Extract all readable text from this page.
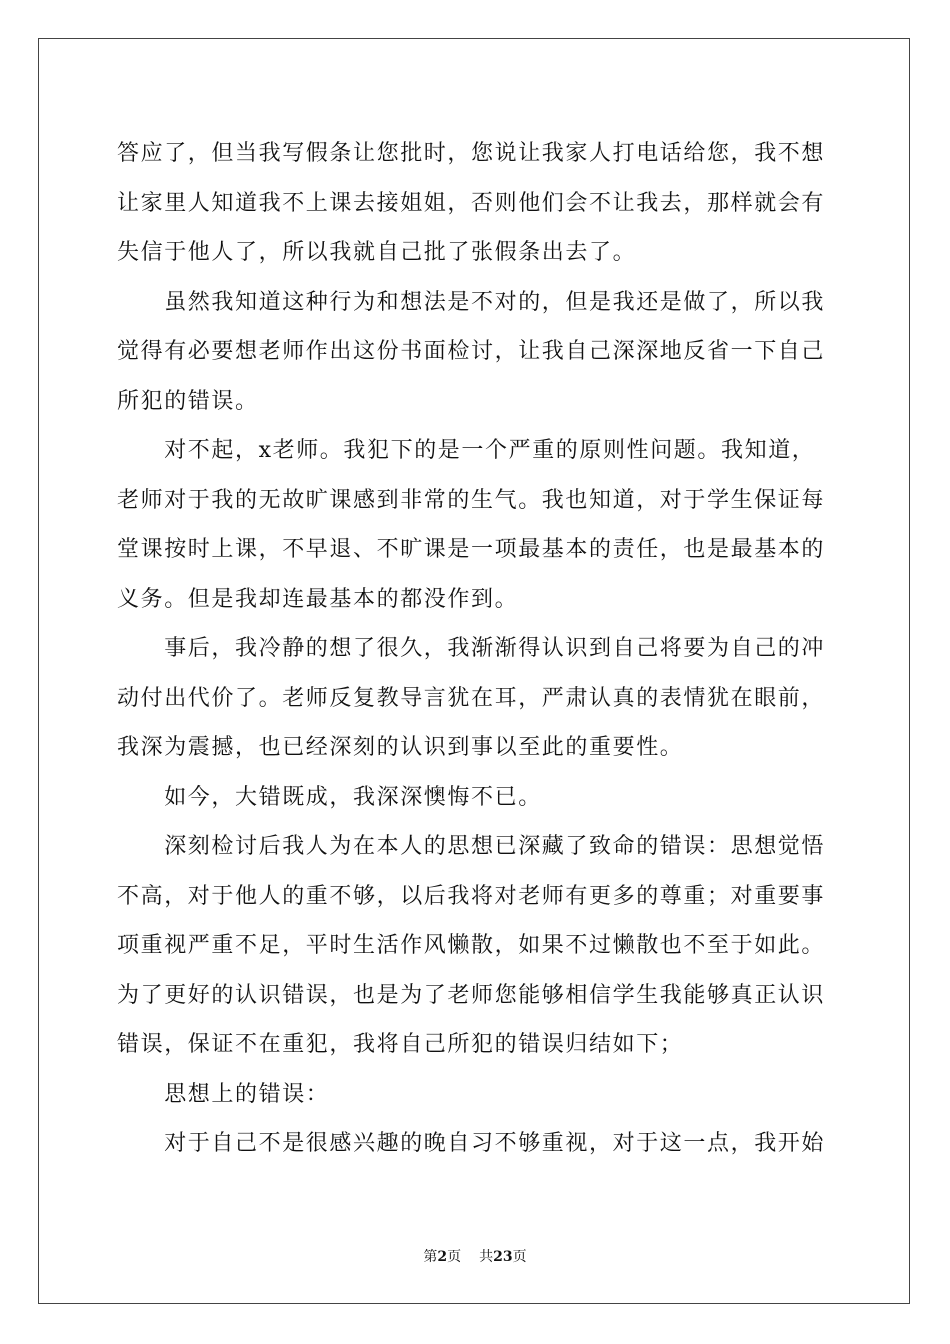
答应了，但当我写假条让您批时，您说让我家人打电话给您，我不想
让家里人知道我不上课去接姐姐，否则他们会不让我去，那样就会有
失信于他人了，所以我就自己批了张假条出去了。
　　虽然我知道这种行为和想法是不对的，但是我还是做了，所以我
觉得有必要想老师作出这份书面检讨，让我自己深深地反省一下自己
所犯的错误。
　　对不起，x老师。我犯下的是一个严重的原则性问题。我知道，
老师对于我的无故旷课感到非常的生气。我也知道，对于学生保证每
堂课按时上课，不早退、不旷课是一项最基本的责任，也是最基本的
义务。但是我却连最基本的都没作到。
　　事后，我冷静的想了很久，我渐渐得认识到自己将要为自己的冲
动付出代价了。老师反复教导言犹在耳，严肃认真的表情犹在眼前，
我深为震撼，也已经深刻的认识到事以至此的重要性。
　　如今，大错既成，我深深懊悔不已。
　　深刻检讨后我人为在本人的思想已深藏了致命的错误：思想觉悟
不高，对于他人的重不够，以后我将对老师有更多的尊重；对重要事
项重视严重不足，平时生活作风懒散，如果不过懒散也不至于如此。
为了更好的认识错误，也是为了老师您能够相信学生我能够真正认识
错误，保证不在重犯，我将自己所犯的错误归结如下；
　　思想上的错误：
　　对于自己不是很感兴趣的晚自习不够重视，对于这一点，我开始
第2页 共23页
